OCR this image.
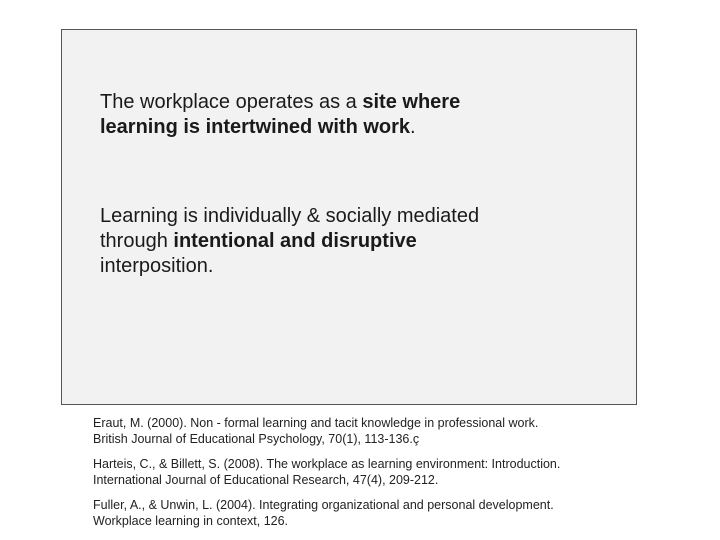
The workplace operates as a site where
learning is intertwined with work.
Learning is individually & socially mediated
through intentional and disruptive
interposition.
Eraut, M. (2000). Non - formal learning and tacit knowledge in professional work.
British Journal of Educational Psychology, 70(1), 113-136.ç
Harteis, C., & Billett, S. (2008). The workplace as learning environment: Introduction.
International Journal of Educational Research, 47(4), 209-212.
Fuller, A., & Unwin, L. (2004). Integrating organizational and personal development.
Workplace learning in context, 126.
